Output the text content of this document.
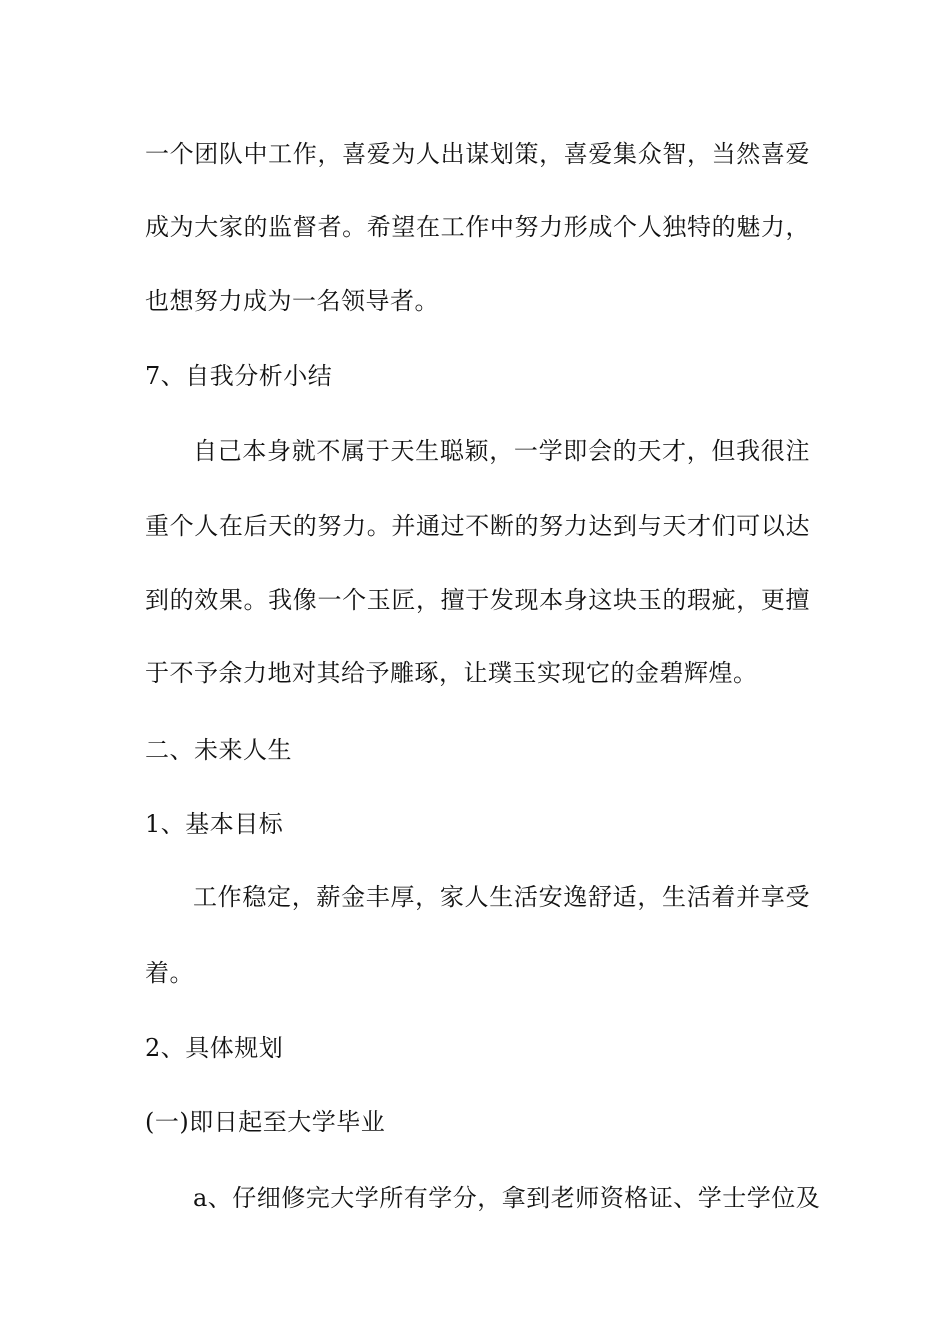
一个团队中工作，喜爱为人出谋划策，喜爱集众智，当然喜爱
成为大家的监督者。希望在工作中努力形成个人独特的魅力，
也想努力成为一名领导者。
7、自我分析小结
自己本身就不属于天生聪颖，一学即会的天才，但我很注
重个人在后天的努力。并通过不断的努力达到与天才们可以达
到的效果。我像一个玉匠，擅于发现本身这块玉的瑕疵，更擅
于不予余力地对其给予雕琢，让璞玉实现它的金碧辉煌。
二、未来人生
1、基本目标
工作稳定，薪金丰厚，家人生活安逸舒适，生活着并享受
着。
2、具体规划
(一)即日起至大学毕业
a、仔细修完大学所有学分，拿到老师资格证、学士学位及
